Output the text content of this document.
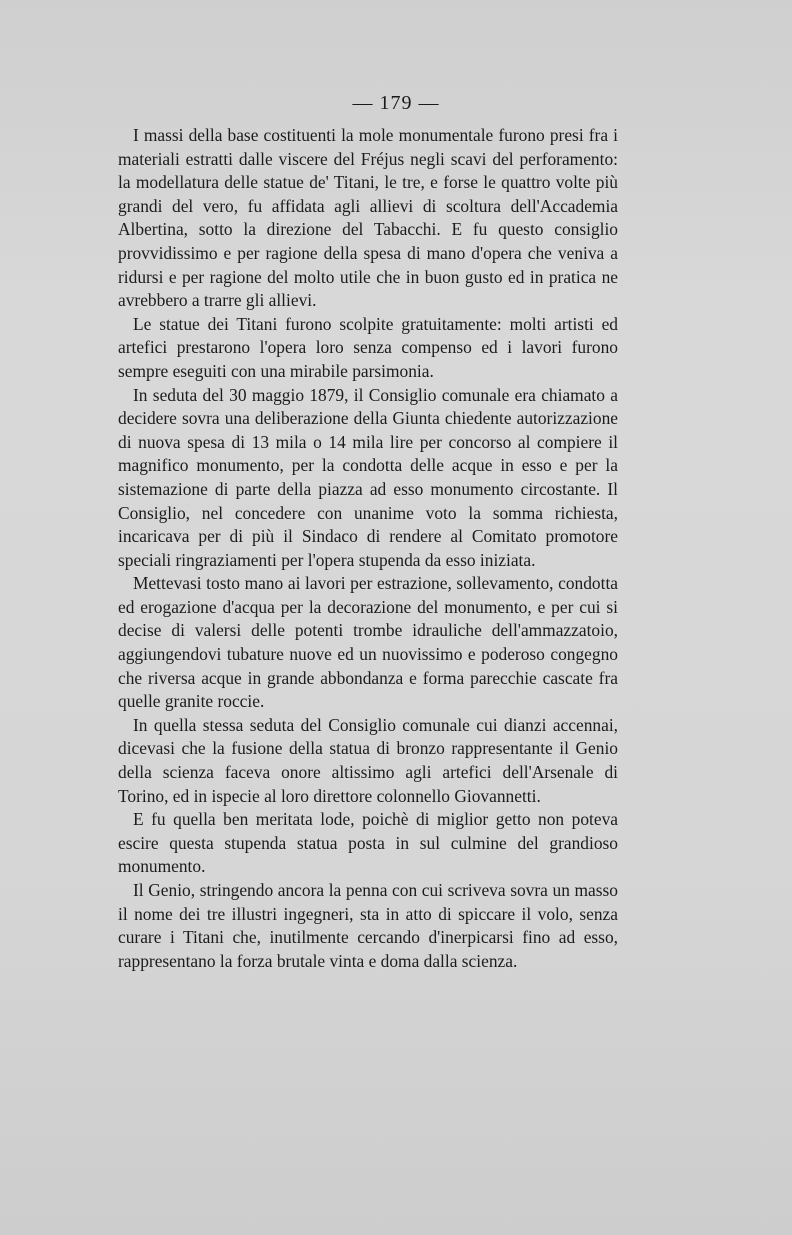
— 179 —

I massi della base costituenti la mole monumentale furono presi fra i materiali estratti dalle viscere del Fréjus negli scavi del perforamento: la modellatura delle statue de' Titani, le tre, e forse le quattro volte più grandi del vero, fu affidata agli allievi di scoltura dell'Accademia Albertina, sotto la direzione del Tabacchi. E fu questo consiglio provvidissimo e per ragione della spesa di mano d'opera che veniva a ridursi e per ragione del molto utile che in buon gusto ed in pratica ne avrebbero a trarre gli allievi.

Le statue dei Titani furono scolpite gratuitamente: molti artisti ed artefici prestarono l'opera loro senza compenso ed i lavori furono sempre eseguiti con una mirabile parsimonia.

In seduta del 30 maggio 1879, il Consiglio comunale era chiamato a decidere sovra una deliberazione della Giunta chiedente autorizzazione di nuova spesa di 13 mila o 14 mila lire per concorso al compiere il magnifico monumento, per la condotta delle acque in esso e per la sistemazione di parte della piazza ad esso monumento circostante. Il Consiglio, nel concedere con unanime voto la somma richiesta, incaricava per di più il Sindaco di rendere al Comitato promotore speciali ringraziamenti per l'opera stupenda da esso iniziata.

Mettevasi tosto mano ai lavori per estrazione, sollevamento, condotta ed erogazione d'acqua per la decorazione del monumento, e per cui si decise di valersi delle potenti trombe idrauliche dell'ammazzatoio, aggiungendovi tubature nuove ed un nuovissimo e poderoso congegno che riversa acque in grande abbondanza e forma parecchie cascate fra quelle granite roccie.

In quella stessa seduta del Consiglio comunale cui dianzi accennai, dicevasi che la fusione della statua di bronzo rappresentante il Genio della scienza faceva onore altissimo agli artefici dell'Arsenale di Torino, ed in ispecie al loro direttore colonnello Giovannetti.

E fu quella ben meritata lode, poichè di miglior getto non poteva escire questa stupenda statua posta in sul culmine del grandioso monumento.

Il Genio, stringendo ancora la penna con cui scriveva sovra un masso il nome dei tre illustri ingegneri, sta in atto di spiccare il volo, senza curare i Titani che, inutilmente cercando d'inerpicarsi fino ad esso, rappresentano la forza brutale vinta e doma dalla scienza.
